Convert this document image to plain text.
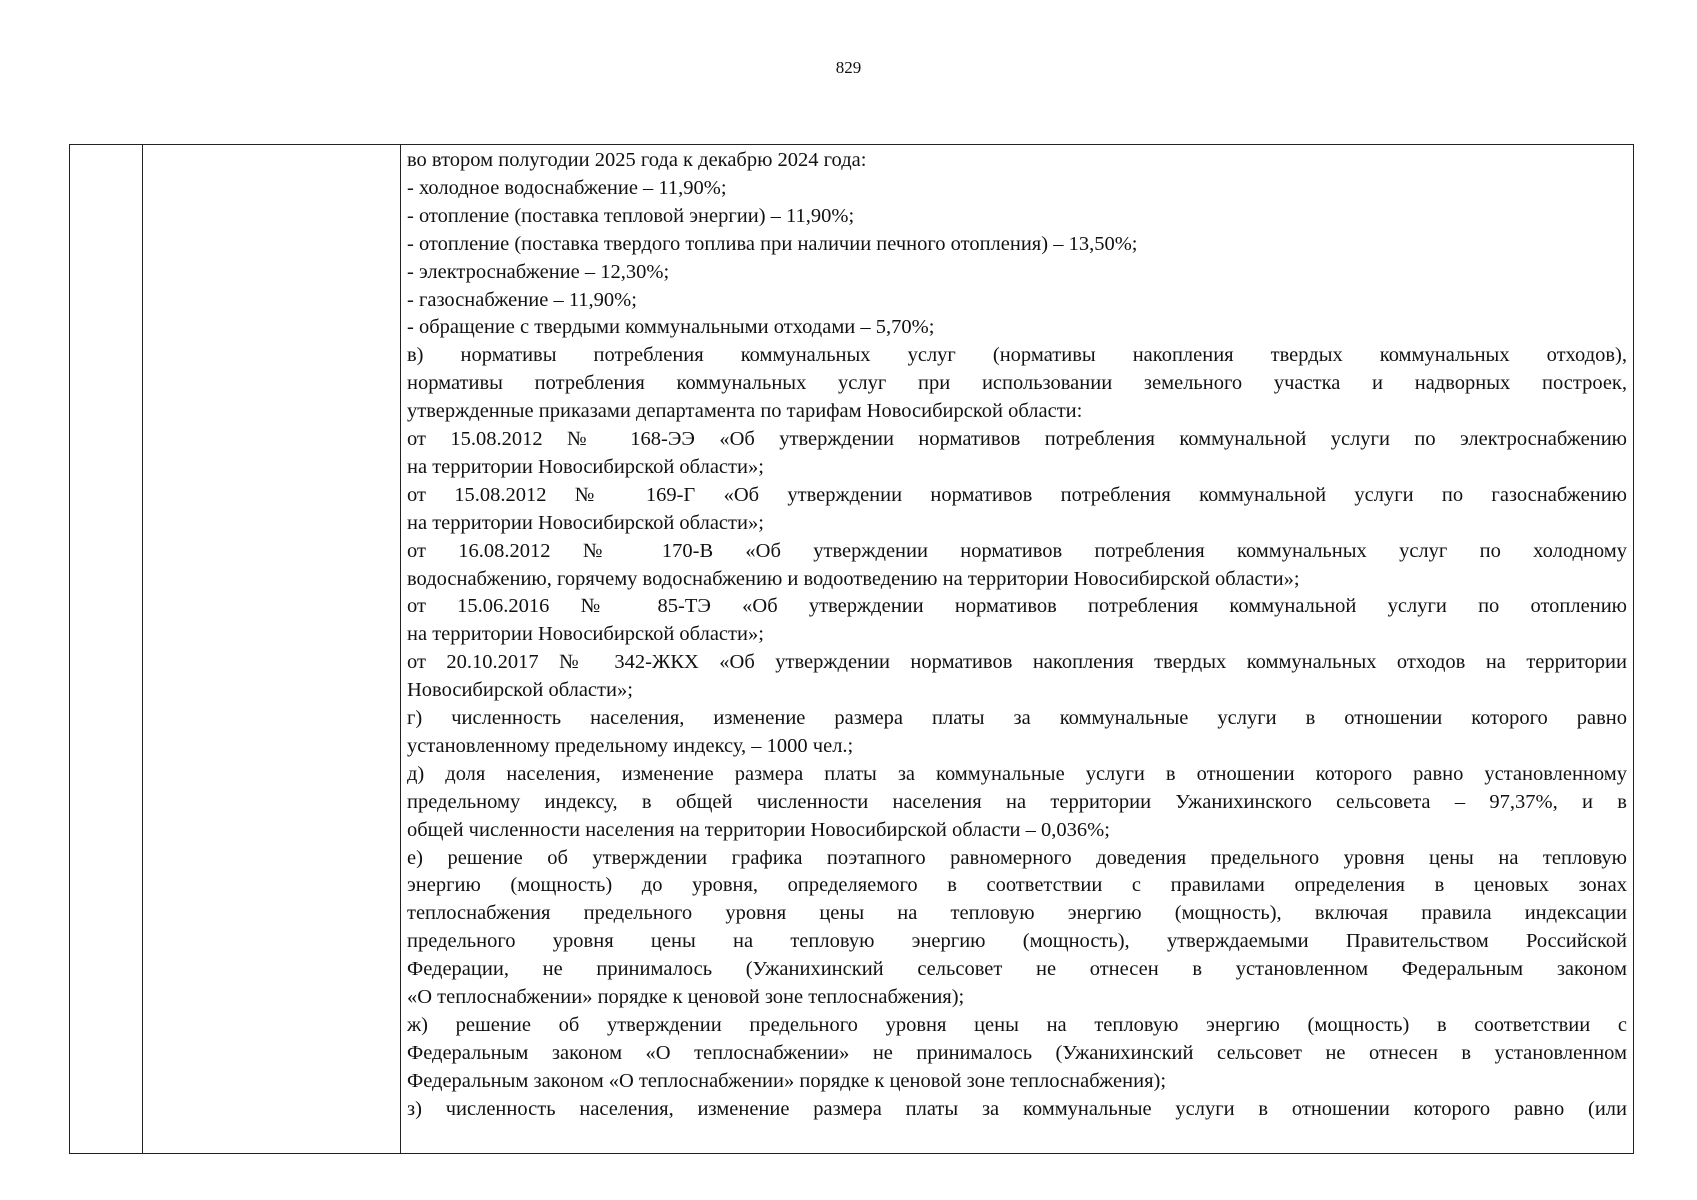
829

во втором полугодии 2025 года к декабрю 2024 года:

- холодное водоснабжение – 11,90%;

- отопление (поставка тепловой энергии) – 11,90%;

- отопление (поставка твердого топлива при наличии печного отопления) – 13,50%;

- электроснабжение – 12,30%;

- газоснабжение – 11,90%;

- обращение с твердыми коммунальными отходами – 5,70%;

в) нормативы потребления коммунальных услуг (нормативы накопления твердых коммунальных отходов),

нормативы потребления коммунальных услуг при использовании земельного участка и надворных построек,

утвержденные приказами департамента по тарифам Новосибирской области:

от 15.08.2012 № 168-ЭЭ «Об утверждении нормативов потребления коммунальной услуги по электроснабжению

на территории Новосибирской области»;

от 15.08.2012 № 169-Г «Об утверждении нормативов потребления коммунальной услуги по газоснабжению

на территории Новосибирской области»;

от 16.08.2012 № 170-В «Об утверждении нормативов потребления коммунальных услуг по холодному

водоснабжению, горячему водоснабжению и водоотведению на территории Новосибирской области»;

от 15.06.2016 № 85-ТЭ «Об утверждении нормативов потребления коммунальной услуги по отоплению

на территории Новосибирской области»;

от 20.10.2017 № 342-ЖКХ «Об утверждении нормативов накопления твердых коммунальных отходов на территории

Новосибирской области»;

г) численность населения, изменение размера платы за коммунальные услуги в отношении которого равно

установленному предельному индексу, – 1000 чел.;

д) доля населения, изменение размера платы за коммунальные услуги в отношении которого равно установленному

предельному индексу, в общей численности населения на территории Ужанихинского сельсовета – 97,37%, и в

общей численности населения на территории Новосибирской области – 0,036%;

е) решение об утверждении графика поэтапного равномерного доведения предельного уровня цены на тепловую

энергию (мощность) до уровня, определяемого в соответствии с правилами определения в ценовых зонах

теплоснабжения предельного уровня цены на тепловую энергию (мощность), включая правила индексации

предельного уровня цены на тепловую энергию (мощность), утверждаемыми Правительством Российской

Федерации, не принималось (Ужанихинский сельсовет не отнесен в установленном Федеральным законом

«О теплоснабжении» порядке к ценовой зоне теплоснабжения);

ж) решение об утверждении предельного уровня цены на тепловую энергию (мощность) в соответствии с

Федеральным законом «О теплоснабжении» не принималось (Ужанихинский сельсовет не отнесен в установленном

Федеральным законом «О теплоснабжении» порядке к ценовой зоне теплоснабжения);

з) численность населения, изменение размера платы за коммунальные услуги в отношении которого равно (или
